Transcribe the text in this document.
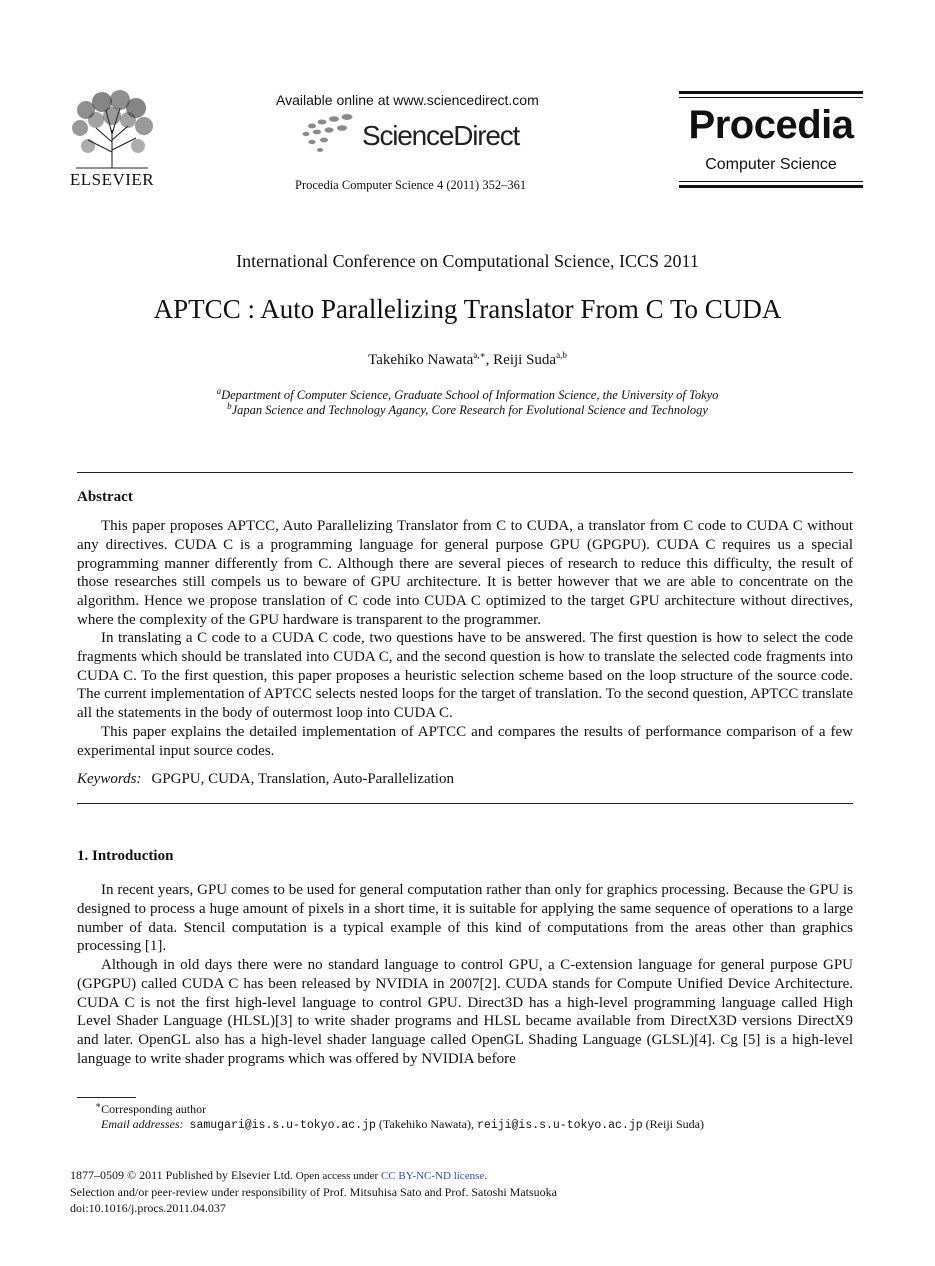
ELSEVIER
Available online at www.sciencedirect.com
ScienceDirect
Procedia Computer Science 4 (2011) 352–361
Procedia
Computer Science
International Conference on Computational Science, ICCS 2011
APTCC : Auto Parallelizing Translator From C To CUDA
Takehiko Nawata$^{a,∗}$, Reiji Suda$^{a,b}$
$^a$Department of Computer Science, Graduate School of Information Science, the University of Tokyo
$^b$Japan Science and Technology Agancy, Core Research for Evolutional Science and Technology
Abstract

This paper proposes APTCC, Auto Parallelizing Translator from C to CUDA, a translator from C code to CUDA C without any directives. CUDA C is a programming language for general purpose GPU (GPGPU). CUDA C requires us a special programming manner differently from C. Although there are several pieces of research to reduce this difficulty, the result of those researches still compels us to beware of GPU architecture. It is better however that we are able to concentrate on the algorithm. Hence we propose translation of C code into CUDA C optimized to the target GPU architecture without directives, where the complexity of the GPU hardware is transparent to the programmer.

In translating a C code to a CUDA C code, two questions have to be answered. The first question is how to select the code fragments which should be translated into CUDA C, and the second question is how to translate the selected code fragments into CUDA C. To the first question, this paper proposes a heuristic selection scheme based on the loop structure of the source code. The current implementation of APTCC selects nested loops for the target of translation. To the second question, APTCC translate all the statements in the body of outermost loop into CUDA C.

This paper explains the detailed implementation of APTCC and compares the results of performance comparison of a few experimental input source codes.

Keywords: GPGPU, CUDA, Translation, Auto-Parallelization
1. Introduction

In recent years, GPU comes to be used for general computation rather than only for graphics processing. Because the GPU is designed to process a huge amount of pixels in a short time, it is suitable for applying the same sequence of operations to a large number of data. Stencil computation is a typical example of this kind of computations from the areas other than graphics processing [1].

Although in old days there were no standard language to control GPU, a C-extension language for general purpose GPU (GPGPU) called CUDA C has been released by NVIDIA in 2007[2]. CUDA stands for Compute Unified Device Architecture. CUDA C is not the first high-level language to control GPU. Direct3D has a high-level programming language called High Level Shader Language (HLSL)[3] to write shader programs and HLSL became available from DirectX3D versions DirectX9 and later. OpenGL also has a high-level shader language called OpenGL Shading Language (GLSL)[4]. Cg [5] is a high-level language to write shader programs which was offered by NVIDIA before

∗Corresponding author
Email addresses: samugari@is.s.u-tokyo.ac.jp (Takehiko Nawata), reiji@is.s.u-tokyo.ac.jp (Reiji Suda)
1877–0509 © 2011 Published by Elsevier Ltd. Open access under CC BY-NC-ND license.
Selection and/or peer-review under responsibility of Prof. Mitsuhisa Sato and Prof. Satoshi Matsuoka
doi:10.1016/j.procs.2011.04.037
